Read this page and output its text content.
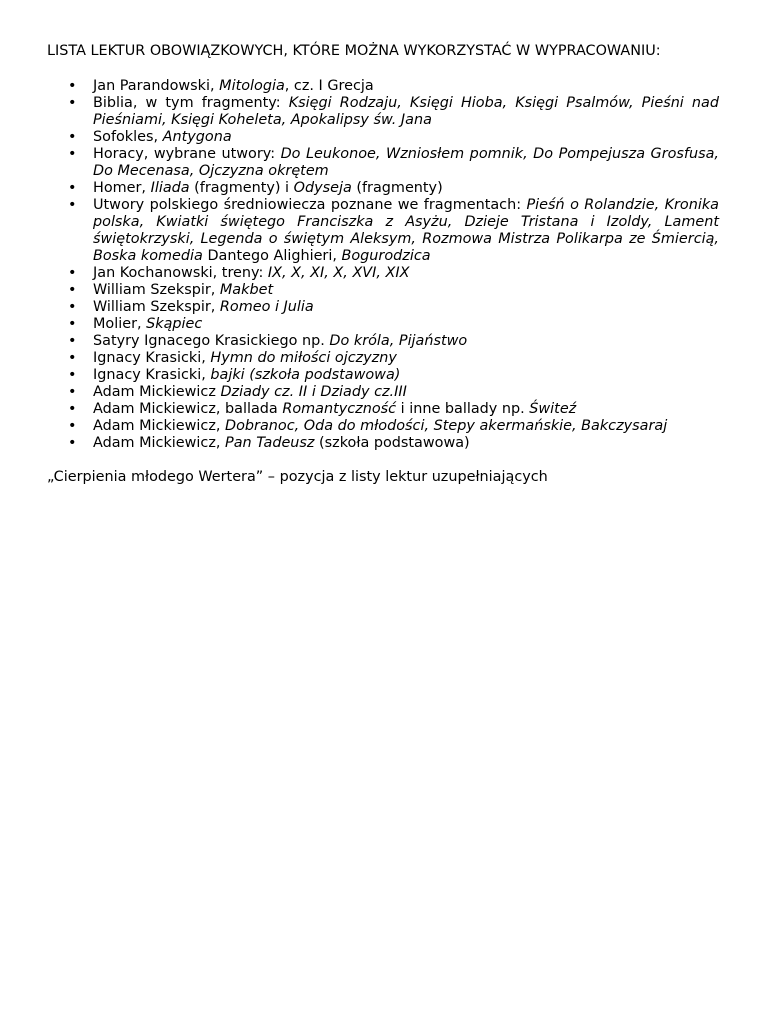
LISTA LEKTUR OBOWIĄZKOWYCH, KTÓRE MOŻNA WYKORZYSTAĆ W WYPRACOWANIU:

• Jan Parandowski, Mitologia, cz. I Grecja
• Biblia, w tym fragmenty: Księgi Rodzaju, Księgi Hioba, Księgi Psalmów, Pieśni nad Pieśniami, Księgi Koheleta, Apokalipsy św. Jana
• Sofokles, Antygona
• Horacy, wybrane utwory: Do Leukonoe, Wzniosłem pomnik, Do Pompejusza Grosfusa, Do Mecenasa, Ojczyzna okrętem
• Homer, Iliada (fragmenty) i Odyseja (fragmenty)
• Utwory polskiego średniowiecza poznane we fragmentach: Pieśń o Rolandzie, Kronika polska, Kwiatki świętego Franciszka z Asyżu, Dzieje Tristana i Izoldy, Lament świętokrzyski, Legenda o świętym Aleksym, Rozmowa Mistrza Polikarpa ze Śmiercią, Boska komedia Dantego Alighieri, Bogurodzica
• Jan Kochanowski, treny: IX, X, XI, X, XVI, XIX
• William Szekspir, Makbet
• William Szekspir, Romeo i Julia
• Molier, Skąpiec
• Satyry Ignacego Krasickiego np. Do króla, Pijaństwo
• Ignacy Krasicki, Hymn do miłości ojczyzny
• Ignacy Krasicki, bajki (szkoła podstawowa)
• Adam Mickiewicz Dziady cz. II i Dziady cz.III
• Adam Mickiewicz, ballada Romantyczność i inne ballady np. Świteź
• Adam Mickiewicz, Dobranoc, Oda do młodości, Stepy akermańskie, Bakczysaraj
• Adam Mickiewicz, Pan Tadeusz (szkoła podstawowa)

„Cierpienia młodego Wertera” – pozycja z listy lektur uzupełniających
